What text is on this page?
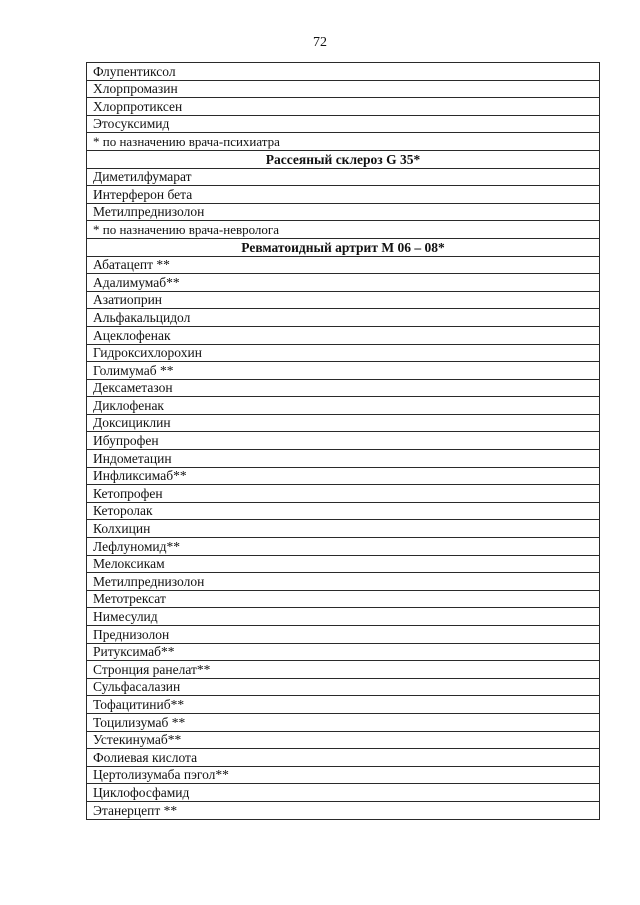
72
Флупентиксол
Хлорпромазин
Хлорпротиксен
Этосуксимид
* по назначению врача-психиатра
Рассеяный склероз G 35*
Диметилфумарат
Интерферон бета
Метилпреднизолон
* по назначению врача-невролога
Ревматоидный артрит М 06 – 08*
Абатацепт **
Адалимумаб**
Азатиоприн
Альфакальцидол
Ацеклофенак
Гидроксихлорохин
Голимумаб **
Дексаметазон
Диклофенак
Доксициклин
Ибупрофен
Индометацин
Инфликсимаб**
Кетопрофен
Кеторолак
Колхицин
Лефлуномид**
Мелоксикам
Метилпреднизолон
Метотрексат
Нимесулид
Преднизолон
Ритуксимаб**
Стронция ранелат**
Сульфасалазин
Тофацитиниб**
Тоцилизумаб **
Устекинумаб**
Фолиевая кислота
Цертолизумаба пэгол**
Циклофосфамид
Этанерцепт **
